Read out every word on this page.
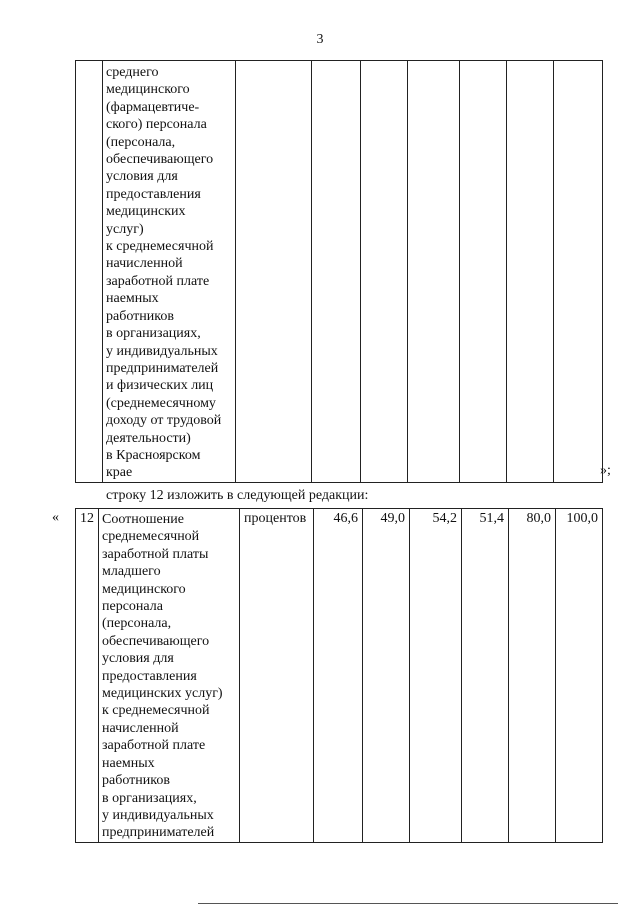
3

среднего
медицинского
(фармацевтиче-
ского) персонала
(персонала,
обеспечивающего
условия для
предоставления
медицинских
услуг)
к среднемесячной
начисленной
заработной плате
наемных
работников
в организациях,
у индивидуальных
предпринимателей
и физических лиц
(среднемесячному
доходу от трудовой
деятельности)
в Красноярском
крае
								»;
строку 12 изложить в следующей редакции:
« 12	Соотношение
среднемесячной
заработной платы
младшего
медицинского
персонала
(персонала,
обеспечивающего
условия для
предоставления
медицинских услуг)
к среднемесячной
начисленной
заработной плате
наемных
работников
в организациях,
у индивидуальных
предпринимателей
	процентов	46,6	49,0	54,2	51,4	80,0	100,0
